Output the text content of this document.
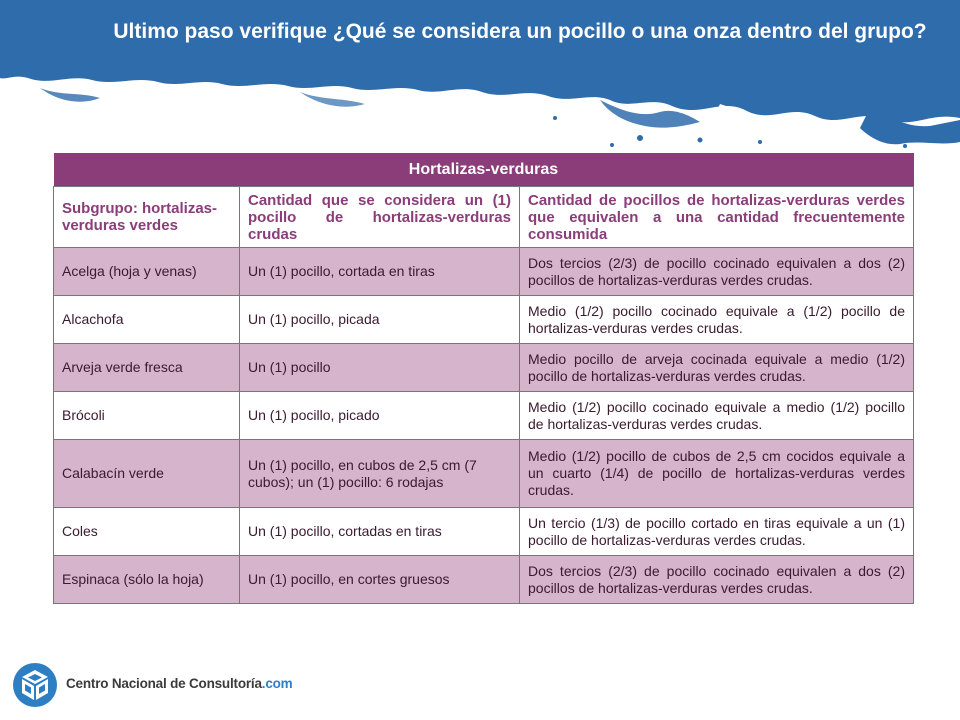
Ultimo paso verifique ¿Qué se considera un pocillo o una onza dentro del grupo?
Hortalizas-verduras		
Subgrupo: hortalizas-verduras verdes	Cantidad que se considera un (1) pocillo de hortalizas-verduras crudas	Cantidad de pocillos de hortalizas-verduras verdes que equivalen a una cantidad frecuentemente consumida
Acelga (hoja y venas)	Un (1) pocillo, cortada en tiras	Dos tercios (2/3) de pocillo cocinado equivalen a dos (2) pocillos de hortalizas-verduras verdes crudas.
Alcachofa	Un (1) pocillo, picada	Medio (1/2) pocillo cocinado equivale a (1/2) pocillo de hortalizas-verduras verdes crudas.
Arveja verde fresca	Un (1) pocillo	Medio pocillo de arveja cocinada equivale a medio (1/2) pocillo de hortalizas-verduras verdes crudas.
Brócoli	Un (1) pocillo, picado	Medio (1/2) pocillo cocinado equivale a medio (1/2) pocillo de hortalizas-verduras verdes crudas.
Calabacín verde	Un (1) pocillo, en cubos de 2,5 cm (7 cubos); un (1) pocillo: 6 rodajas	Medio (1/2) pocillo de cubos de 2,5 cm cocidos equivale a un cuarto (1/4) de pocillo de hortalizas-verduras verdes crudas.
Coles	Un (1) pocillo, cortadas en tiras	Un tercio (1/3) de pocillo cortado en tiras equivale a un (1) pocillo de hortalizas-verduras verdes crudas.
Espinaca (sólo la hoja)	Un (1) pocillo, en cortes gruesos	Dos tercios (2/3) de pocillo cocinado equivalen a dos (2) pocillos de hortalizas-verduras verdes crudas.
Centro Nacional de Consultoría.com
